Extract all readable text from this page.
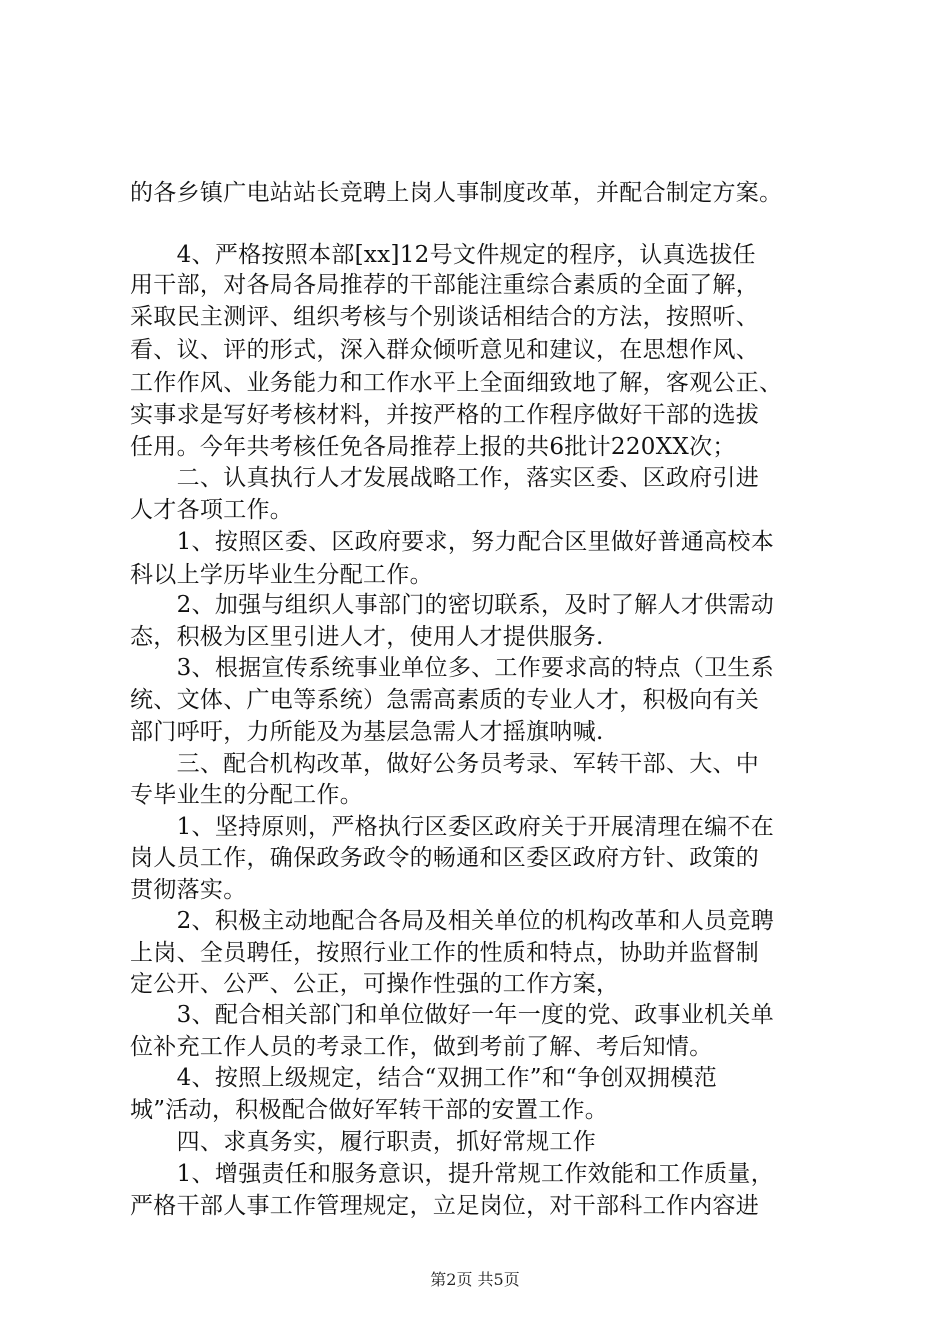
的各乡镇广电站站长竞聘上岗人事制度改革，并配合制定方案。
　　4、严格按照本部[xx]12号文件规定的程序，认真选拔任
用干部，对各局各局推荐的干部能注重综合素质的全面了解，
采取民主测评、组织考核与个别谈话相结合的方法，按照听、
看、议、评的形式，深入群众倾听意见和建议，在思想作风、
工作作风、业务能力和工作水平上全面细致地了解，客观公正、
实事求是写好考核材料，并按严格的工作程序做好干部的选拔
任用。今年共考核任免各局推荐上报的共6批计220XX次；
　　二、认真执行人才发展战略工作，落实区委、区政府引进
人才各项工作。
　　1、按照区委、区政府要求，努力配合区里做好普通高校本
科以上学历毕业生分配工作。
　　2、加强与组织人事部门的密切联系，及时了解人才供需动
态，积极为区里引进人才，使用人才提供服务.
　　3、根据宣传系统事业单位多、工作要求高的特点（卫生系
统、文体、广电等系统）急需高素质的专业人才，积极向有关
部门呼吁，力所能及为基层急需人才摇旗呐喊.
　　三、配合机构改革，做好公务员考录、军转干部、大、中
专毕业生的分配工作。
　　1、坚持原则，严格执行区委区政府关于开展清理在编不在
岗人员工作，确保政务政令的畅通和区委区政府方针、政策的
贯彻落实。
　　2、积极主动地配合各局及相关单位的机构改革和人员竞聘
上岗、全员聘任，按照行业工作的性质和特点，协助并监督制
定公开、公严、公正，可操作性强的工作方案，
　　3、配合相关部门和单位做好一年一度的党、政事业机关单
位补充工作人员的考录工作，做到考前了解、考后知情。
　　4、按照上级规定，结合“双拥工作”和“争创双拥模范
城”活动，积极配合做好军转干部的安置工作。
　　四、求真务实，履行职责，抓好常规工作
　　1、增强责任和服务意识，提升常规工作效能和工作质量，
严格干部人事工作管理规定，立足岗位，对干部科工作内容进
第2页 共5页
